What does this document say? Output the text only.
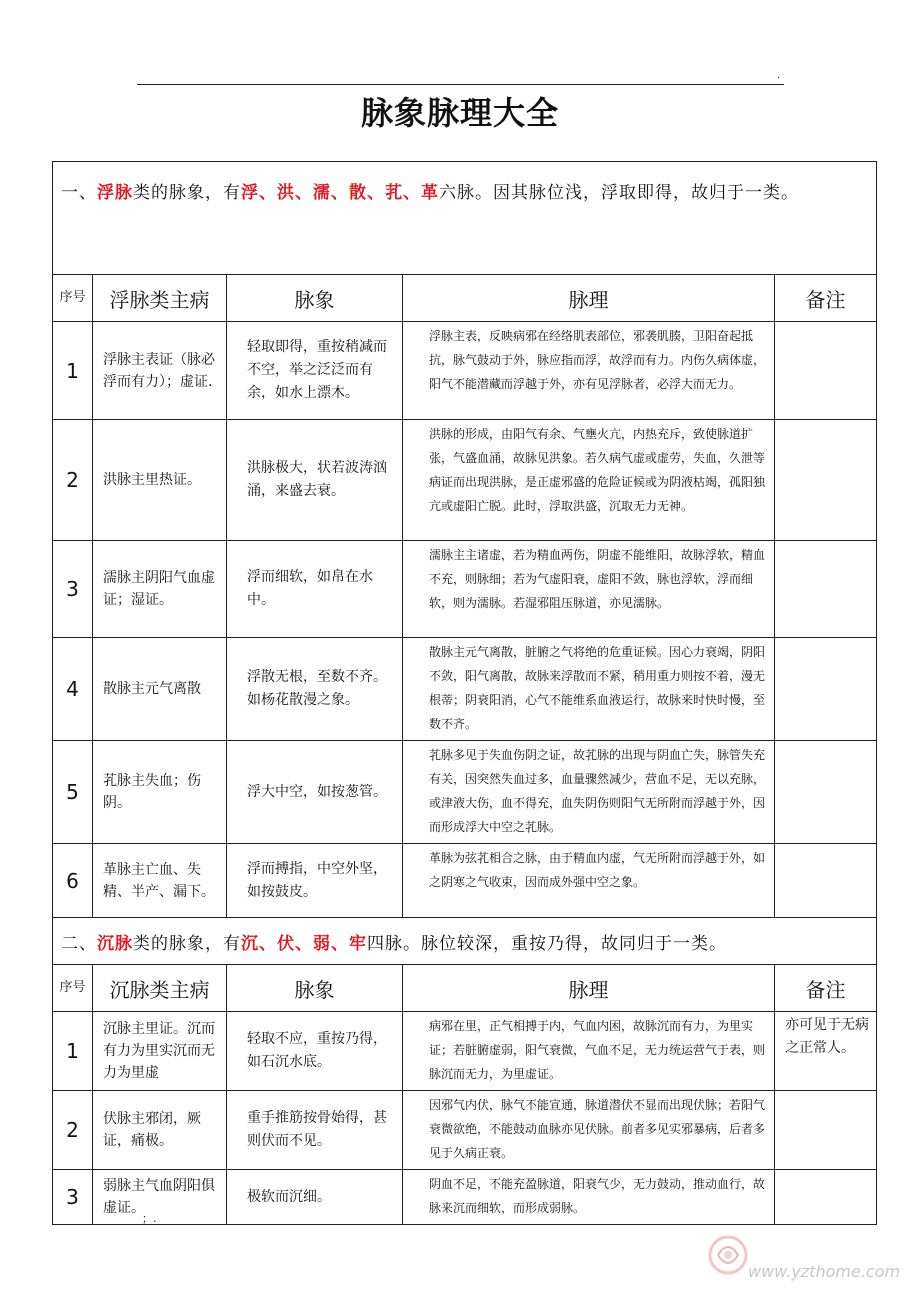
.
脉象脉理大全
一、浮脉类的脉象，有浮、洪、濡、散、芤、革六脉。因其脉位浅，浮取即得，故归于一类。				
序号	浮脉类主病	脉象	脉理	备注
1	浮脉主表证（脉必浮而有力）；虚证.	轻取即得，重按稍减而不空，举之泛泛而有余，如水上漂木。	浮脉主表，反映病邪在经络肌表部位，邪袭肌腠，卫阳奋起抵抗，脉气鼓动于外，脉应指而浮，故浮而有力。内伤久病体虚，阳气不能潜藏而浮越于外，亦有见浮脉者，必浮大而无力。	
2	洪脉主里热证。	洪脉极大，状若波涛汹涌，来盛去衰。	洪脉的形成，由阳气有余、气壅火亢，内热充斥，致使脉道扩张，气盛血涌，故脉见洪象。若久病气虚或虚劳，失血，久泄等病证而出现洪脉，是正虚邪盛的危险证候或为阴液枯竭，孤阳独亢或虚阳亡脱。此时，浮取洪盛，沉取无力无神。	
3	濡脉主阴阳气血虚证；湿证。	浮而细软，如帛在水中。	濡脉主主诸虚，若为精血两伤，阴虚不能维阳，故脉浮软，精血不充，则脉细；若为气虚阳衰，虚阳不敛，脉也浮软，浮而细软，则为濡脉。若湿邪阻压脉道，亦见濡脉。	
4	散脉主元气离散	浮散无根，至数不齐。如杨花散漫之象。	散脉主元气离散，脏腑之气将绝的危重证候。因心力衰竭，阴阳不敛，阳气离散，故脉来浮散而不紧，稍用重力则按不着，漫无根蒂；阴衰阳消，心气不能维系血液运行，故脉来时快时慢，至数不齐。	
5	芤脉主失血；伤阴。	浮大中空，如按葱管。	芤脉多见于失血伤阴之证，故芤脉的出现与阴血亡失，脉管失充有关，因突然失血过多，血量骤然减少，营血不足，无以充脉，或津液大伤，血不得充，血失阴伤则阳气无所附而浮越于外，因而形成浮大中空之芤脉。	
6	革脉主亡血、失精、半产、漏下。	浮而搏指，中空外坚，如按鼓皮。	革脉为弦芤相合之脉，由于精血内虚，气无所附而浮越于外，如之阴寒之气收束，因而成外强中空之象。	
二、沉脉类的脉象，有沉、伏、弱、牢四脉。脉位较深，重按乃得，故同归于一类。				
序号	沉脉类主病	脉象	脉理	备注
1	沉脉主里证。沉而有力为里实沉而无力为里虚	轻取不应，重按乃得，如石沉水底。	病邪在里，正气相搏于内，气血内困，故脉沉而有力，为里实证；若脏腑虚弱，阳气衰微，气血不足，无力统运营气于表，则脉沉而无力，为里虚证。	亦可见于无病之正常人。
2	伏脉主邪闭，厥证，痛极。	重手推筋按骨始得，甚则伏而不见。	因邪气内伏，脉气不能宣通，脉道潜伏不显而出现伏脉；若阳气衰微欲绝，不能鼓动血脉亦见伏脉。前者多见实邪暴病，后者多见于久病正衰。	
3	弱脉主气血阴阳俱虚证。	极软而沉细。	阴血不足，不能充盈脉道，阳衰气少，无力鼓动，推动血行，故脉来沉而细软，而形成弱脉。	
；.
www.yzthome.com
